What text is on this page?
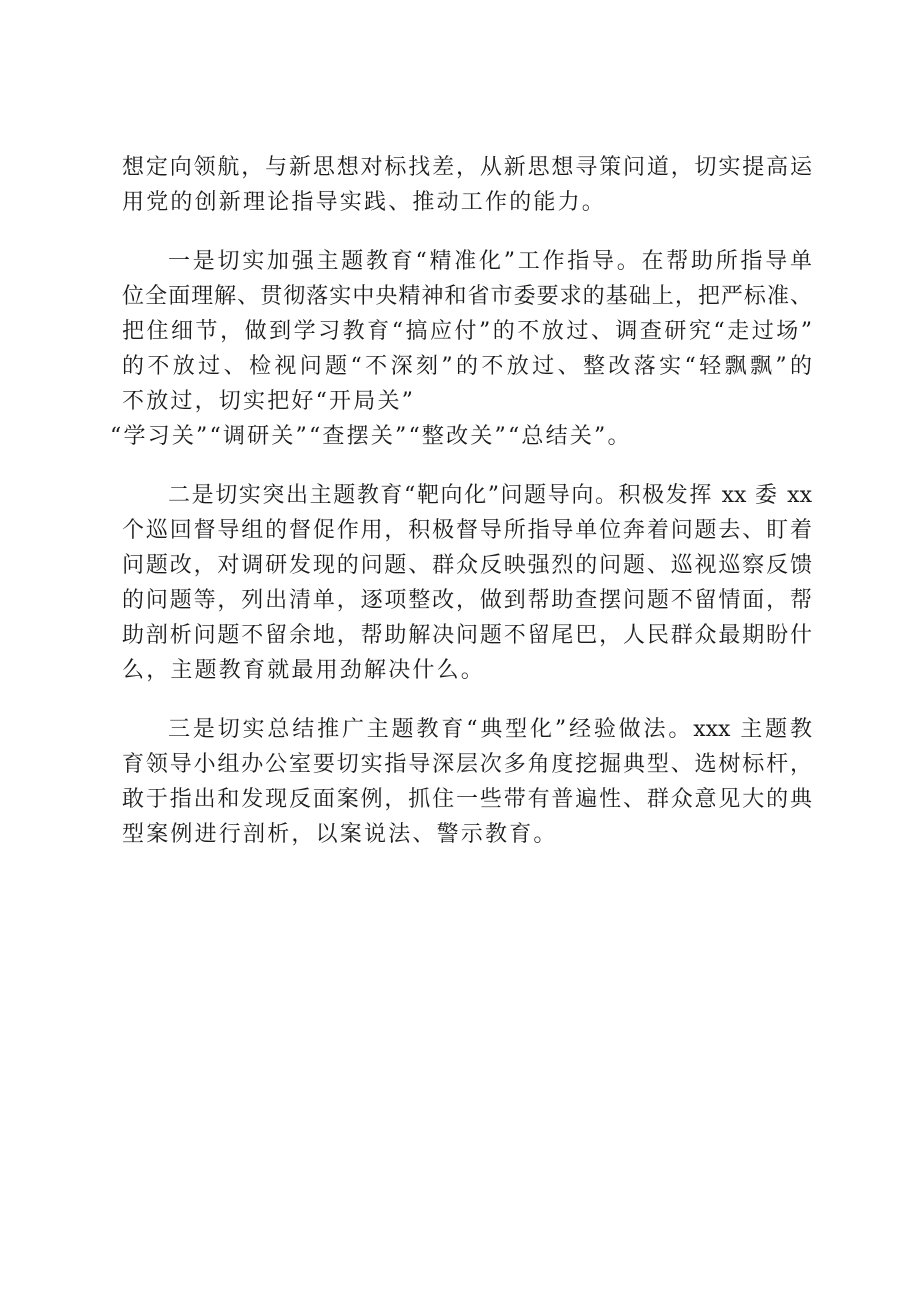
想定向领航，与新思想对标找差，从新思想寻策问道，切实提高运
用党的创新理论指导实践、推动工作的能力。
一是切实加强主题教育“精准化”工作指导。在帮助所指导单
位全面理解、贯彻落实中央精神和省市委要求的基础上，把严标准、
把住细节，做到学习教育“搞应付”的不放过、调查研究“走过场”
的不放过、检视问题“不深刻”的不放过、整改落实“轻飘飘”的
不放过，切实把好“开局关”
“学习关”“调研关”“查摆关”“整改关”“总结关”。
二是切实突出主题教育“靶向化”问题导向。积极发挥 xx 委 xx
个巡回督导组的督促作用，积极督导所指导单位奔着问题去、盯着
问题改，对调研发现的问题、群众反映强烈的问题、巡视巡察反馈
的问题等，列出清单，逐项整改，做到帮助查摆问题不留情面，帮
助剖析问题不留余地，帮助解决问题不留尾巴，人民群众最期盼什
么，主题教育就最用劲解决什么。
三是切实总结推广主题教育“典型化”经验做法。xxx 主题教
育领导小组办公室要切实指导深层次多角度挖掘典型、选树标杆，
敢于指出和发现反面案例，抓住一些带有普遍性、群众意见大的典
型案例进行剖析，以案说法、警示教育。
